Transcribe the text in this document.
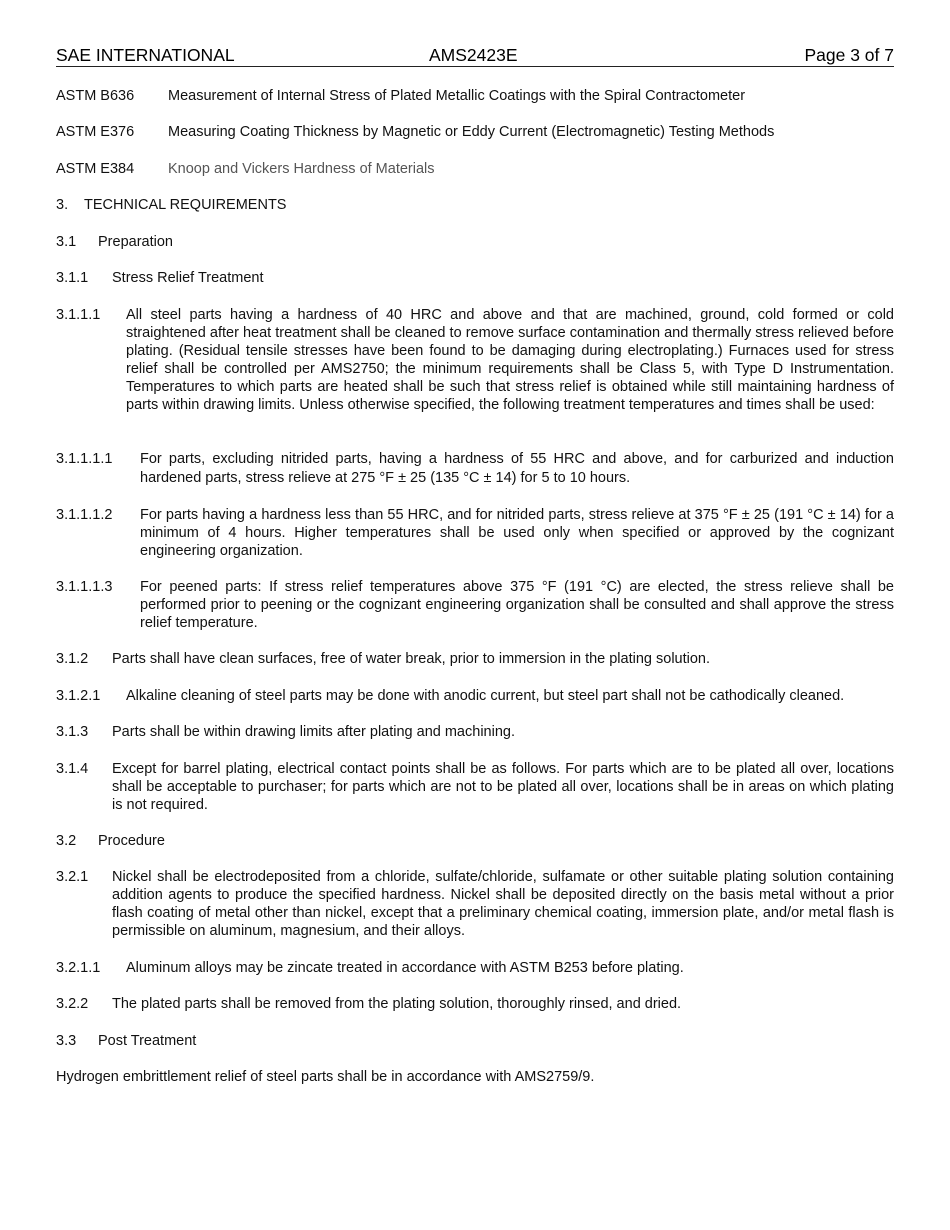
SAE INTERNATIONAL	AMS2423E	Page 3 of 7
ASTM B636 Measurement of Internal Stress of Plated Metallic Coatings with the Spiral Contractometer
ASTM E376 Measuring Coating Thickness by Magnetic or Eddy Current (Electromagnetic) Testing Methods
ASTM E384 Knoop and Vickers Hardness of Materials
3. TECHNICAL REQUIREMENTS
3.1 Preparation
3.1.1 Stress Relief Treatment
3.1.1.1 All steel parts having a hardness of 40 HRC and above and that are machined, ground, cold formed or cold straightened after heat treatment shall be cleaned to remove surface contamination and thermally stress relieved before plating. (Residual tensile stresses have been found to be damaging during electroplating.) Furnaces used for stress relief shall be controlled per AMS2750; the minimum requirements shall be Class 5, with Type D Instrumentation. Temperatures to which parts are heated shall be such that stress relief is obtained while still maintaining hardness of parts within drawing limits. Unless otherwise specified, the following treatment temperatures and times shall be used:
3.1.1.1.1 For parts, excluding nitrided parts, having a hardness of 55 HRC and above, and for carburized and induction hardened parts, stress relieve at 275 °F ± 25 (135 °C ± 14) for 5 to 10 hours.
3.1.1.1.2 For parts having a hardness less than 55 HRC, and for nitrided parts, stress relieve at 375 °F ± 25 (191 °C ± 14) for a minimum of 4 hours. Higher temperatures shall be used only when specified or approved by the cognizant engineering organization.
3.1.1.1.3 For peened parts: If stress relief temperatures above 375 °F (191 °C) are elected, the stress relieve shall be performed prior to peening or the cognizant engineering organization shall be consulted and shall approve the stress relief temperature.
3.1.2 Parts shall have clean surfaces, free of water break, prior to immersion in the plating solution.
3.1.2.1 Alkaline cleaning of steel parts may be done with anodic current, but steel part shall not be cathodically cleaned.
3.1.3 Parts shall be within drawing limits after plating and machining.
3.1.4 Except for barrel plating, electrical contact points shall be as follows. For parts which are to be plated all over, locations shall be acceptable to purchaser; for parts which are not to be plated all over, locations shall be in areas on which plating is not required.
3.2 Procedure
3.2.1 Nickel shall be electrodeposited from a chloride, sulfate/chloride, sulfamate or other suitable plating solution containing addition agents to produce the specified hardness. Nickel shall be deposited directly on the basis metal without a prior flash coating of metal other than nickel, except that a preliminary chemical coating, immersion plate, and/or metal flash is permissible on aluminum, magnesium, and their alloys.
3.2.1.1 Aluminum alloys may be zincate treated in accordance with ASTM B253 before plating.
3.2.2 The plated parts shall be removed from the plating solution, thoroughly rinsed, and dried.
3.3 Post Treatment
Hydrogen embrittlement relief of steel parts shall be in accordance with AMS2759/9.
